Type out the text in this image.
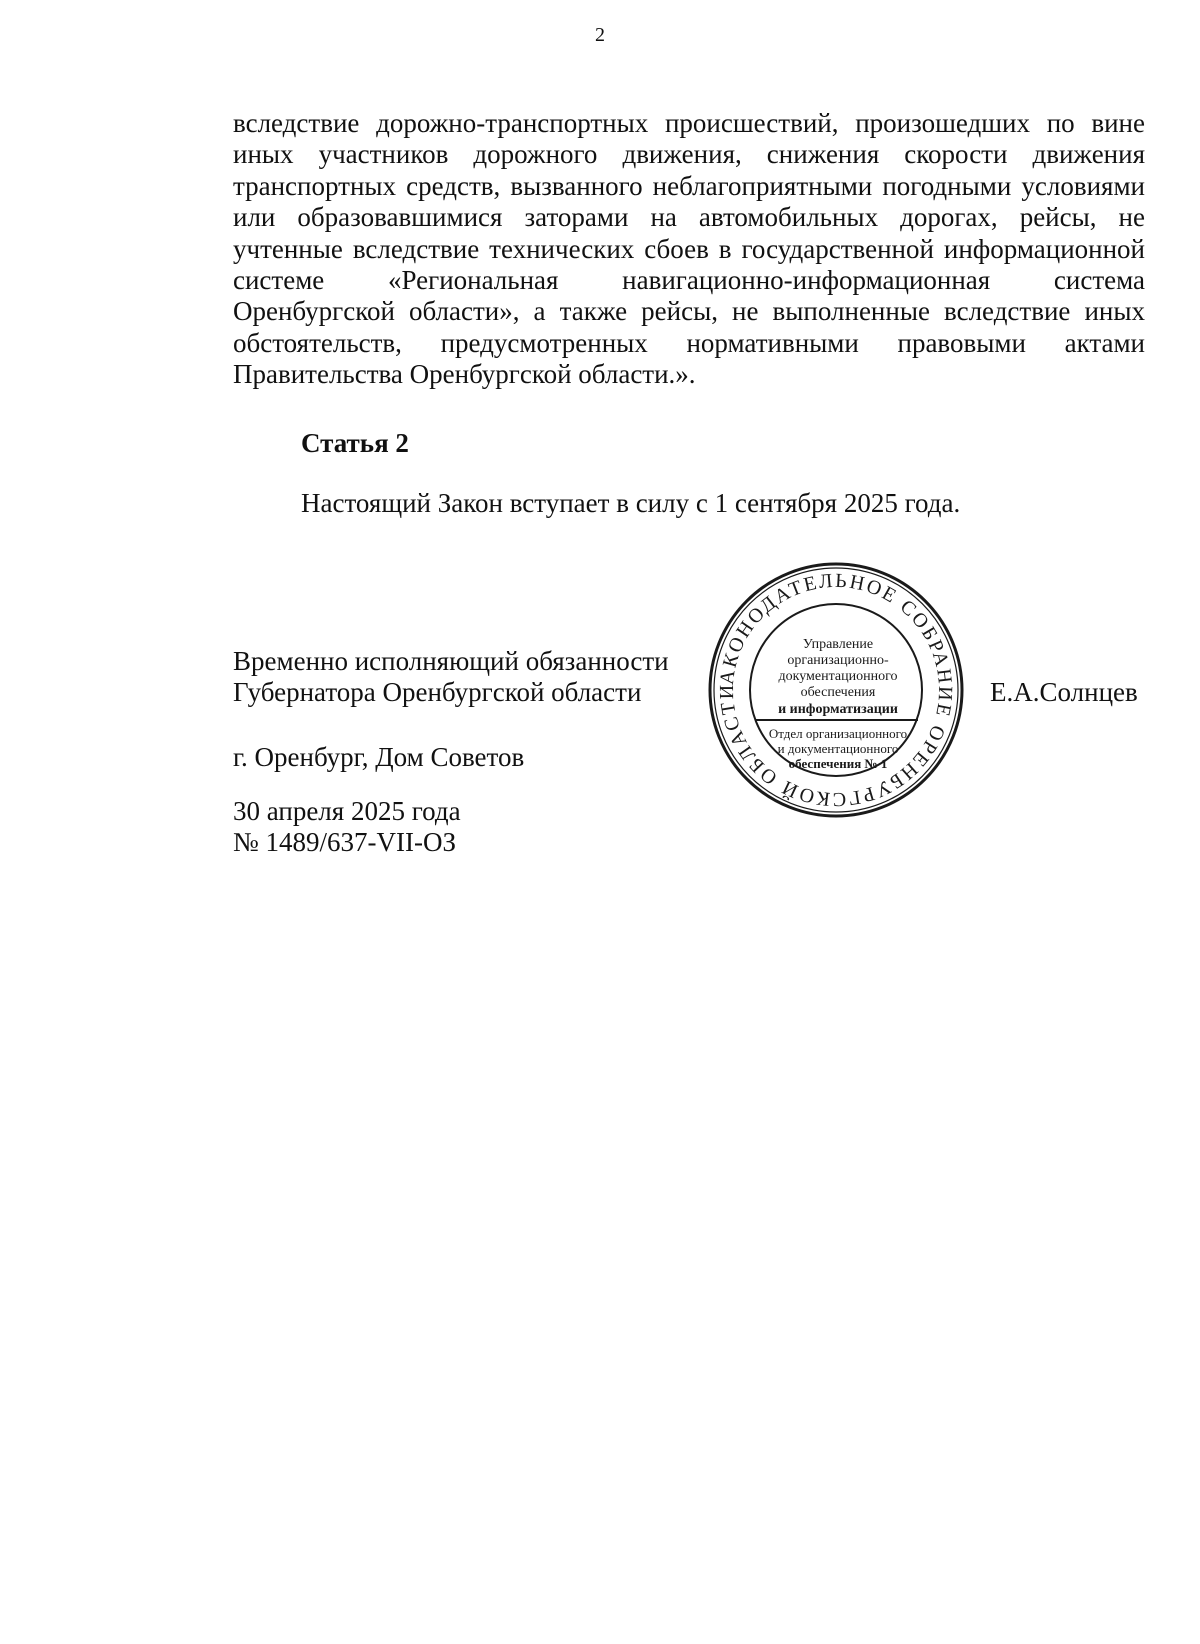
2
вследствие дорожно-транспортных происшествий, произошедших по вине
иных участников дорожного движения, снижения скорости движения
транспортных средств, вызванного неблагоприятными погодными условиями
или образовавшимися заторами на автомобильных дорогах, рейсы, не
учтенные вследствие технических сбоев в государственной информационной
системе «Региональная навигационно-информационная система
Оренбургской области», а также рейсы, не выполненные вследствие иных
обстоятельств, предусмотренных нормативными правовыми актами
Правительства Оренбургской области.».
Статья 2
Настоящий Закон вступает в силу с 1 сентября 2025 года.
Временно исполняющий обязанности
Губернатора Оренбургской области	Е.А.Солнцев
г. Оренбург, Дом Советов
30 апреля 2025 года
№ 1489/637-VII-ОЗ
АКОНОДАТЕЛЬНОЕ СОБРАНИЕ ОРЕНБУРГСКОЙ ОБЛАСТИ
Управление
организационно-
документационного
обеспечения
и информатизации
Отдел организационного
и документационного
обеспечения № 1
